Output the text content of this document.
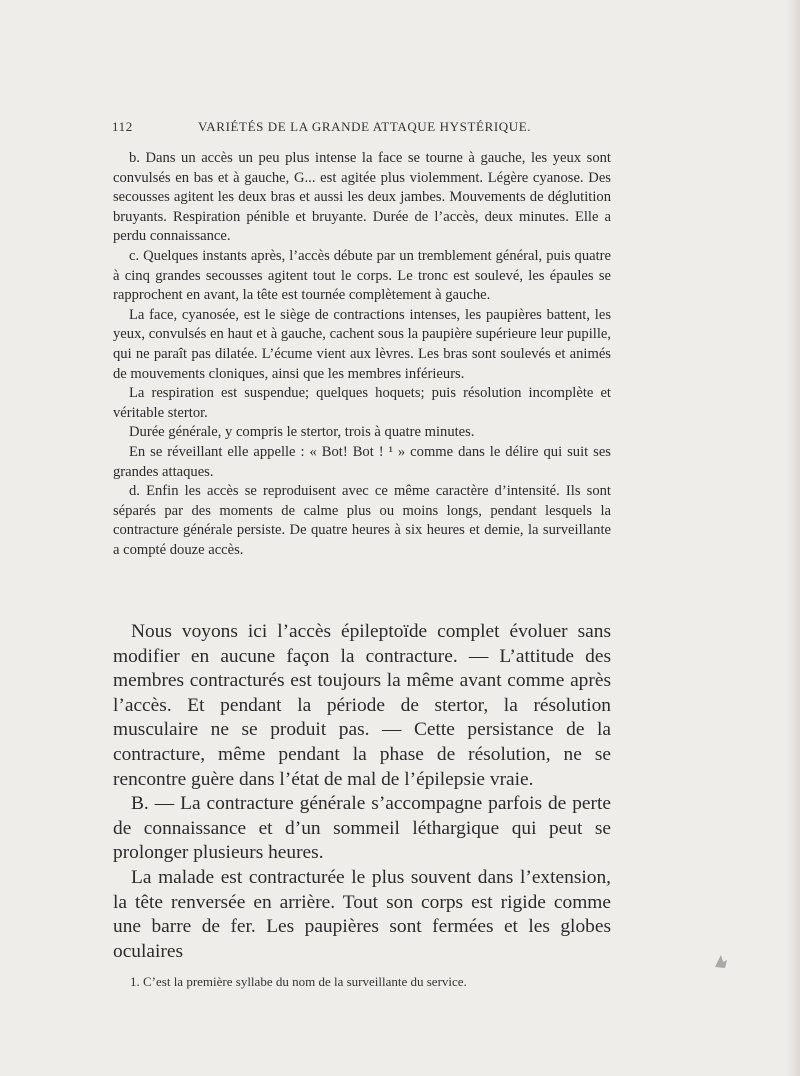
112	VARIÉTÉS DE LA GRANDE ATTAQUE HYSTÉRIQUE.

b. Dans un accès un peu plus intense la face se tourne à gauche, les yeux sont convulsés en bas et à gauche, G... est agitée plus violemment. Légère cyanose. Des secousses agitent les deux bras et aussi les deux jambes. Mouvements de déglutition bruyants. Respiration pénible et bruyante. Durée de l’accès, deux minutes. Elle a perdu connaissance.

c. Quelques instants après, l’accès débute par un tremblement général, puis quatre à cinq grandes secousses agitent tout le corps. Le tronc est soulevé, les épaules se rapprochent en avant, la tête est tournée complètement à gauche.

La face, cyanosée, est le siège de contractions intenses, les paupières battent, les yeux, convulsés en haut et à gauche, cachent sous la paupière supérieure leur pupille, qui ne paraît pas dilatée. L’écume vient aux lèvres. Les bras sont soulevés et animés de mouvements cloniques, ainsi que les membres inférieurs.

La respiration est suspendue; quelques hoquets; puis résolution incomplète et véritable stertor.

Durée générale, y compris le stertor, trois à quatre minutes.

En se réveillant elle appelle : « Bot! Bot ! ¹ » comme dans le délire qui suit ses grandes attaques.

d. Enfin les accès se reproduisent avec ce même caractère d’intensité. Ils sont séparés par des moments de calme plus ou moins longs, pendant lesquels la contracture générale persiste. De quatre heures à six heures et demie, la surveillante a compté douze accès.

Nous voyons ici l’accès épileptoïde complet évoluer sans modifier en aucune façon la contracture. — L’attitude des membres contracturés est toujours la même avant comme après l’accès. Et pendant la période de stertor, la résolution musculaire ne se produit pas. — Cette persistance de la contracture, même pendant la phase de résolution, ne se rencontre guère dans l’état de mal de l’épilepsie vraie.

B. — La contracture générale s’accompagne parfois de perte de connaissance et d’un sommeil léthargique qui peut se prolonger plusieurs heures.

La malade est contracturée le plus souvent dans l’extension, la tête renversée en arrière. Tout son corps est rigide comme une barre de fer. Les paupières sont fermées et les globes oculaires

1. C’est la première syllabe du nom de la surveillante du service.
